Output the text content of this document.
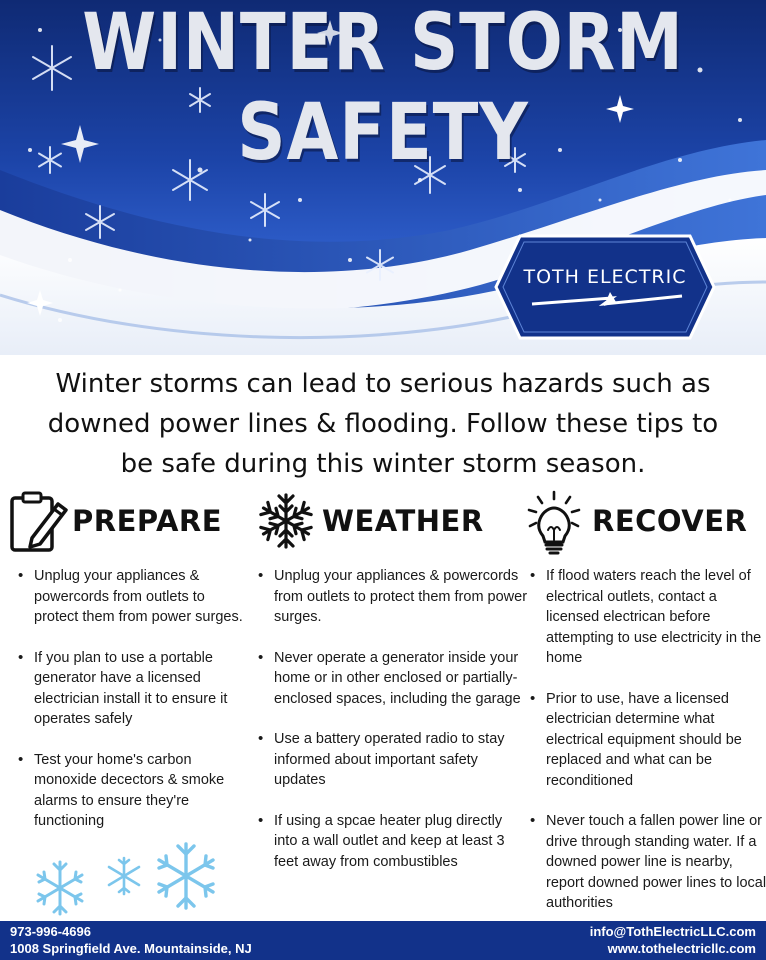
WINTER STORM
SAFETY
TOTH ELECTRIC
Winter storms can lead to serious hazards such as
downed power lines & flooding. Follow these tips to
be safe during this winter storm season.
PREPARE
• Unplug your appliances & powercords from outlets to protect them from power surges.
• If you plan to use a portable generator have a licensed electrician install it to ensure it operates safely
• Test your home's carbon monoxide decectors & smoke alarms to ensure they're functioning
WEATHER
• Unplug your appliances & powercords from outlets to protect them from power surges.
• Never operate a generator inside your home or in other enclosed or partially-enclosed spaces, including the garage
• Use a battery operated radio to stay informed about important safety updates
• If using a spcae heater plug directly into a wall outlet and keep at least 3 feet away from combustibles
RECOVER
• If flood waters reach the level of electrical outlets, contact a licensed electrican before attempting to use electricity in the home
• Prior to use, have a licensed electrician determine what electrical equipment should be replaced and what can be reconditioned
• Never touch a fallen power line or drive through standing water. If a downed power line is nearby, report downed power lines to local authorities
973-996-4696
1008 Springfield Ave. Mountainside, NJ
info@TothElectricLLC.com
www.tothelectricllc.com
